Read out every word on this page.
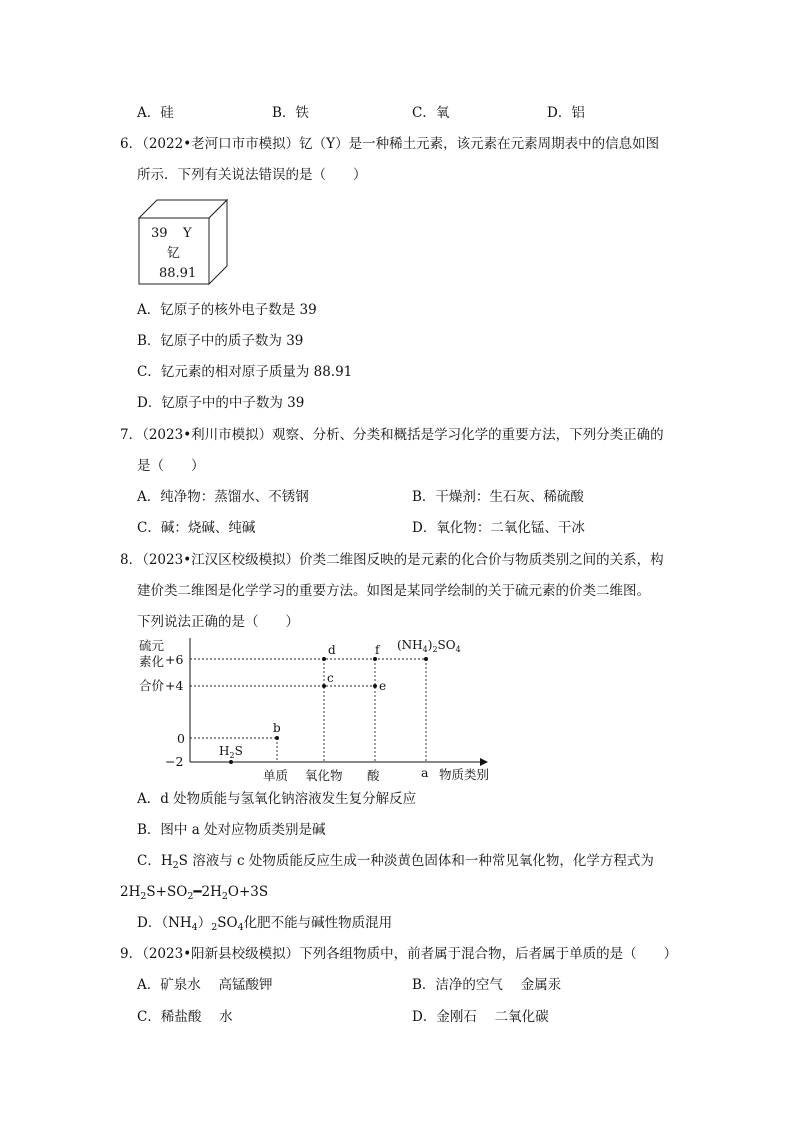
A．硅	B．铁	C．氧	D．铝
6．（2022•老河口市市模拟）钇（Y）是一种稀土元素，该元素在元素周期表中的信息如图
所示．下列有关说法错误的是（　　）
39 Y
钇
88.91
A．钇原子的核外电子数是 39
B．钇原子中的质子数为 39
C．钇元素的相对原子质量为 88.91
D．钇原子中的中子数为 39
7．（2023•利川市模拟）观察、分析、分类和概括是学习化学的重要方法，下列分类正确的
是（　　）
A．纯净物：蒸馏水、不锈钢	B．干燥剂：生石灰、稀硫酸
C．碱：烧碱、纯碱	D．氧化物：二氧化锰、干冰
8．（2023•江汉区校级模拟）价类二维图反映的是元素的化合价与物质类别之间的关系，构
建价类二维图是化学学习的重要方法。如图是某同学绘制的关于硫元素的价类二维图。
下列说法正确的是（　　）
硫元
素化
合价
+6
+4
0
−2
d	f
c
e
b
$(NH_4)_2SO_4$
$H_2S$
单质 氧化物 酸	a 物质类别
A．d 处物质能与氢氧化钠溶液发生复分解反应
B．图中 a 处对应物质类别是碱
C．$H_2S$ 溶液与 c 处物质能反应生成一种淡黄色固体和一种常见氧化物，化学方程式为
$2H_2S+SO_2━2H_2O+3S$
D．$(NH_4)_2SO_4$化肥不能与碱性物质混用
9．（2023•阳新县校级模拟）下列各组物质中，前者属于混合物，后者属于单质的是（　　）
A．矿泉水　 高锰酸钾	B．洁净的空气　 金属汞
C．稀盐酸　 水	D．金刚石　 二氧化碳
